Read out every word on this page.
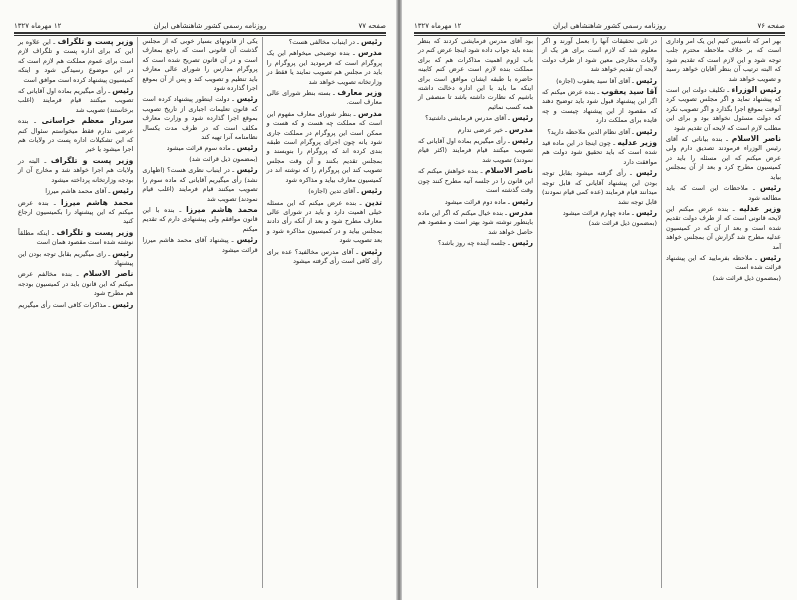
صفحه ۷۷
روزنامه رسمی کشور شاهنشاهی ایران
۱۲ مهرماه ۱۳۲۷

رئیس ـ در اینباب مخالفی هست؟

مدرس ـ بنده توضیحی میخواهم این یک پروگرام است که فرمودید این پروگرام را باید در مجلس هم تصویب نمایند یا فقط در وزارتخانه تصویب خواهد شد

وزیر معارف ـ بسته بنظر شورای عالی معارف است.

مدرس ـ بنظر شورای معارف مفهوم این است که مملکت چه هست و که هست و ممکن است این پروگرام در مملکت جاری شود یانه چون اجرای پروگرام است طبقه بندی کرده اند که پروگرام را بنویسند و بمجلس تقدیم بکنند و آن وقت مجلس تصویب کند این پروگرام را که نوشته اند در کمیسیون معارف بیاید و مذاکره شود

رئیس ـ آقای تدین (اجازه)

تدین ـ بنده عرض میکنم که این مسئله خیلی اهمیت دارد و باید در شورای عالی معارف مطرح شود و بعد از آنکه رأی دادند بمجلس بیاید و در کمیسیون مذاکره شود و بعد تصویب شود

رئیس ـ آقای مدرس مخالفید؟ عده برای رأی کافی است رأی گرفته میشود

یکی از قانونهای بسیار خوبی که از مجلس گذشت آن قانونی است که راجع بمعارف است و در آن قانون تصریح شده است که پروگرام مدارس را شورای عالی معارف باید تنظیم و تصویب کند و پس از آن بموقع اجرا گذارده شود

رئیس ـ دولت اینطور پیشنهاد کرده است که قانون تعلیمات اجباری از تاریخ تصویب بموقع اجرا گذارده شود و وزارت معارف مکلف است که در ظرف مدت یکسال نظامنامه آنرا تهیه کند

رئیس ـ ماده سوم قرائت میشود

(بمضمون ذیل قرائت شد)

رئیس ـ در اینباب نظری هست؟ (اظهاری نشد) رأی میگیریم آقایانی که ماده سوم را تصویب میکنند قیام فرمایند (اغلب قیام نمودند) تصویب شد

محمد هاشم میرزا ـ بنده با این قانون موافقم ولی پیشنهادی دارم که تقدیم میکنم

رئیس ـ پیشنهاد آقای محمد هاشم میرزا قرائت میشود

وزیر پست و تلگراف ـ این علاوه بر این که برای اداره پست و تلگراف لازم است برای عموم مملکت هم لازم است که در این موضوع رسیدگی شود و اینکه کمیسیون پیشنهاد کرده است موافق است

رئیس ـ رأی میگیریم بماده اول آقایانی که تصویب میکنند قیام فرمایند (اغلب برخاستند) تصویب شد

سردار معظم خراسانی ـ بنده عرضی ندارم فقط میخواستم سئوال کنم که این تشکیلات اداره پست در ولایات هم اجرا میشود یا خیر

وزیر پست و تلگراف ـ البته در ولایات هم اجرا خواهد شد و مخارج آن از بودجه وزارتخانه پرداخته میشود

رئیس ـ آقای محمد هاشم میرزا

محمد هاشم میرزا ـ بنده عرض میکنم که این پیشنهاد را بکمیسیون ارجاع کنید

وزیر پست و تلگراف ـ اینکه مطلقاً نوشته شده است مقصود همان است

رئیس ـ رای میگیریم بقابل توجه بودن این پیشنهاد

ناصر الاسلام ـ بنده مخالفم عرض میکنم که این قانون باید در کمیسیون بودجه هم مطرح شود

رئیس ـ مذاکرات کافی است رأی میگیریم

صفحه ۷۶
روزنامه رسمی کشور شاهنشاهی ایران
۱۲ مهرماه ۱۳۲۷

بهر امر که تأسیس کنیم این یک امر واداری است که بر خلاف ملاحظه محترم جلب توجه شود و این لازم است که تقدیم شود که البته ترتیب آن بنظر آقایان خواهد رسید و تصویب خواهد شد

رئیس الوزراء ـ تکلیف دولت این است که پیشنهاد نماید و اگر مجلس تصویب کرد آنوقت بموقع اجرا بگذارد و اگر تصویب نکرد که دولت مسئول نخواهد بود و برای این مطلب لازم است که لایحه آن تقدیم شود

ناصر الاسلام ـ بنده بیاناتی که آقای رئیس الوزراء فرمودند تصدیق دارم ولی عرض میکنم که این مسئله را باید در کمیسیون مطرح کرد و بعد از آن بمجلس بیاید

رئیس ـ ملاحظات این است که باید مطالعه شود

وزیر عدلیه ـ بنده عرض میکنم این لایحه قانونی است که از طرف دولت تقدیم شده است و بعد از آن که در کمیسیون عدلیه مطرح شد گزارش آن بمجلس خواهد آمد

رئیس ـ ملاحظه بفرمایید که این پیشنهاد قرائت شده است

(بمضمون ذیل قرائت شد)

در ثانی تحقیقات آنها را بعمل آورند و اگر معلوم شد که لازم است برای هر یک از ولایات مخارجی معین شود از طرف دولت لایحه آن تقدیم خواهد شد

رئیس ـ آقای آقا سید یعقوب (اجازه)

آقا سید یعقوب ـ بنده عرض میکنم که اگر این پیشنهاد قبول شود باید توضیح دهند که مقصود از این پیشنهاد چیست و چه فایده برای مملکت دارد

رئیس ـ آقای نظام الدین ملاحظه دارید؟

وزیر عدلیه ـ چون اینجا در این ماده قید شده است که باید تحقیق شود دولت هم موافقت دارد

رئیس ـ رأی گرفته میشود بقابل توجه بودن این پیشنهاد آقایانی که قابل توجه میدانند قیام فرمایند (عده کمی قیام نمودند) قابل توجه نشد

رئیس ـ ماده چهارم قرائت میشود

(بمضمون ذیل قرائت شد)

بود آقای مدرس فرمایشی کردند که بنظر بنده باید جواب داده شود اینجا عرض کنم در باب لزوم اهمیت مذاکرات هم که برای مملکت بنده لازم است عرض کنم کابینه حاضره با طبقه ایشان موافق است برای اینکه ما باید با این اداره دخالت داشته باشیم که نظارت داشته باشد تا منصفی از همه کسب نمائیم

رئیس ـ آقای مدرس فرمایشی داشتید؟

مدرس ـ خیر عرضی ندارم

رئیس ـ رأی میگیریم بماده اول آقایانی که تصویب میکنند قیام فرمایند (اکثر قیام نمودند) تصویب شد

ناصر الاسلام ـ بنده خواهش میکنم که این قانون را در جلسه آتیه مطرح کنند چون وقت گذشته است

رئیس ـ ماده دوم قرائت میشود

مدرس ـ بنده خیال میکنم که اگر این ماده باینطور نوشته شود بهتر است و مقصود هم حاصل خواهد شد

رئیس ـ جلسه آینده چه روز باشد؟
